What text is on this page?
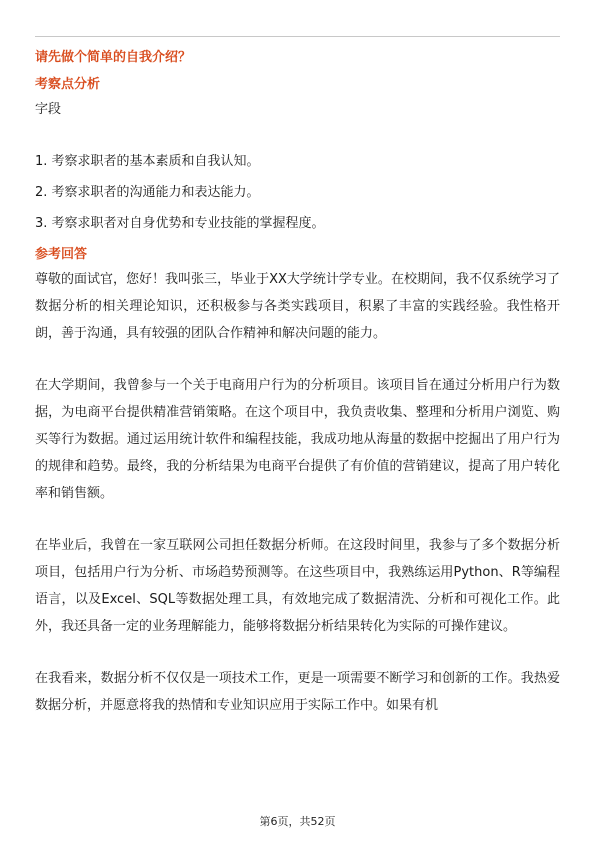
请先做个简单的自我介绍？

考察点分析

字段

1. 考察求职者的基本素质和自我认知。
2. 考察求职者的沟通能力和表达能力。
3. 考察求职者对自身优势和专业技能的掌握程度。

参考回答

尊敬的面试官，您好！我叫张三，毕业于XX大学统计学专业。在校期间，我不仅系统学习了数据分析的相关理论知识，还积极参与各类实践项目，积累了丰富的实践经验。我性格开朗，善于沟通，具有较强的团队合作精神和解决问题的能力。

在大学期间，我曾参与一个关于电商用户行为的分析项目。该项目旨在通过分析用户行为数据，为电商平台提供精准营销策略。在这个项目中，我负责收集、整理和分析用户浏览、购买等行为数据。通过运用统计软件和编程技能，我成功地从海量的数据中挖掘出了用户行为的规律和趋势。最终，我的分析结果为电商平台提供了有价值的营销建议，提高了用户转化率和销售额。

在毕业后，我曾在一家互联网公司担任数据分析师。在这段时间里，我参与了多个数据分析项目，包括用户行为分析、市场趋势预测等。在这些项目中，我熟练运用Python、R等编程语言，以及Excel、SQL等数据处理工具，有效地完成了数据清洗、分析和可视化工作。此外，我还具备一定的业务理解能力，能够将数据分析结果转化为实际的可操作建议。

在我看来，数据分析不仅仅是一项技术工作，更是一项需要不断学习和创新的工作。我热爱数据分析，并愿意将我的热情和专业知识应用于实际工作中。如果有机

第6页，共52页
